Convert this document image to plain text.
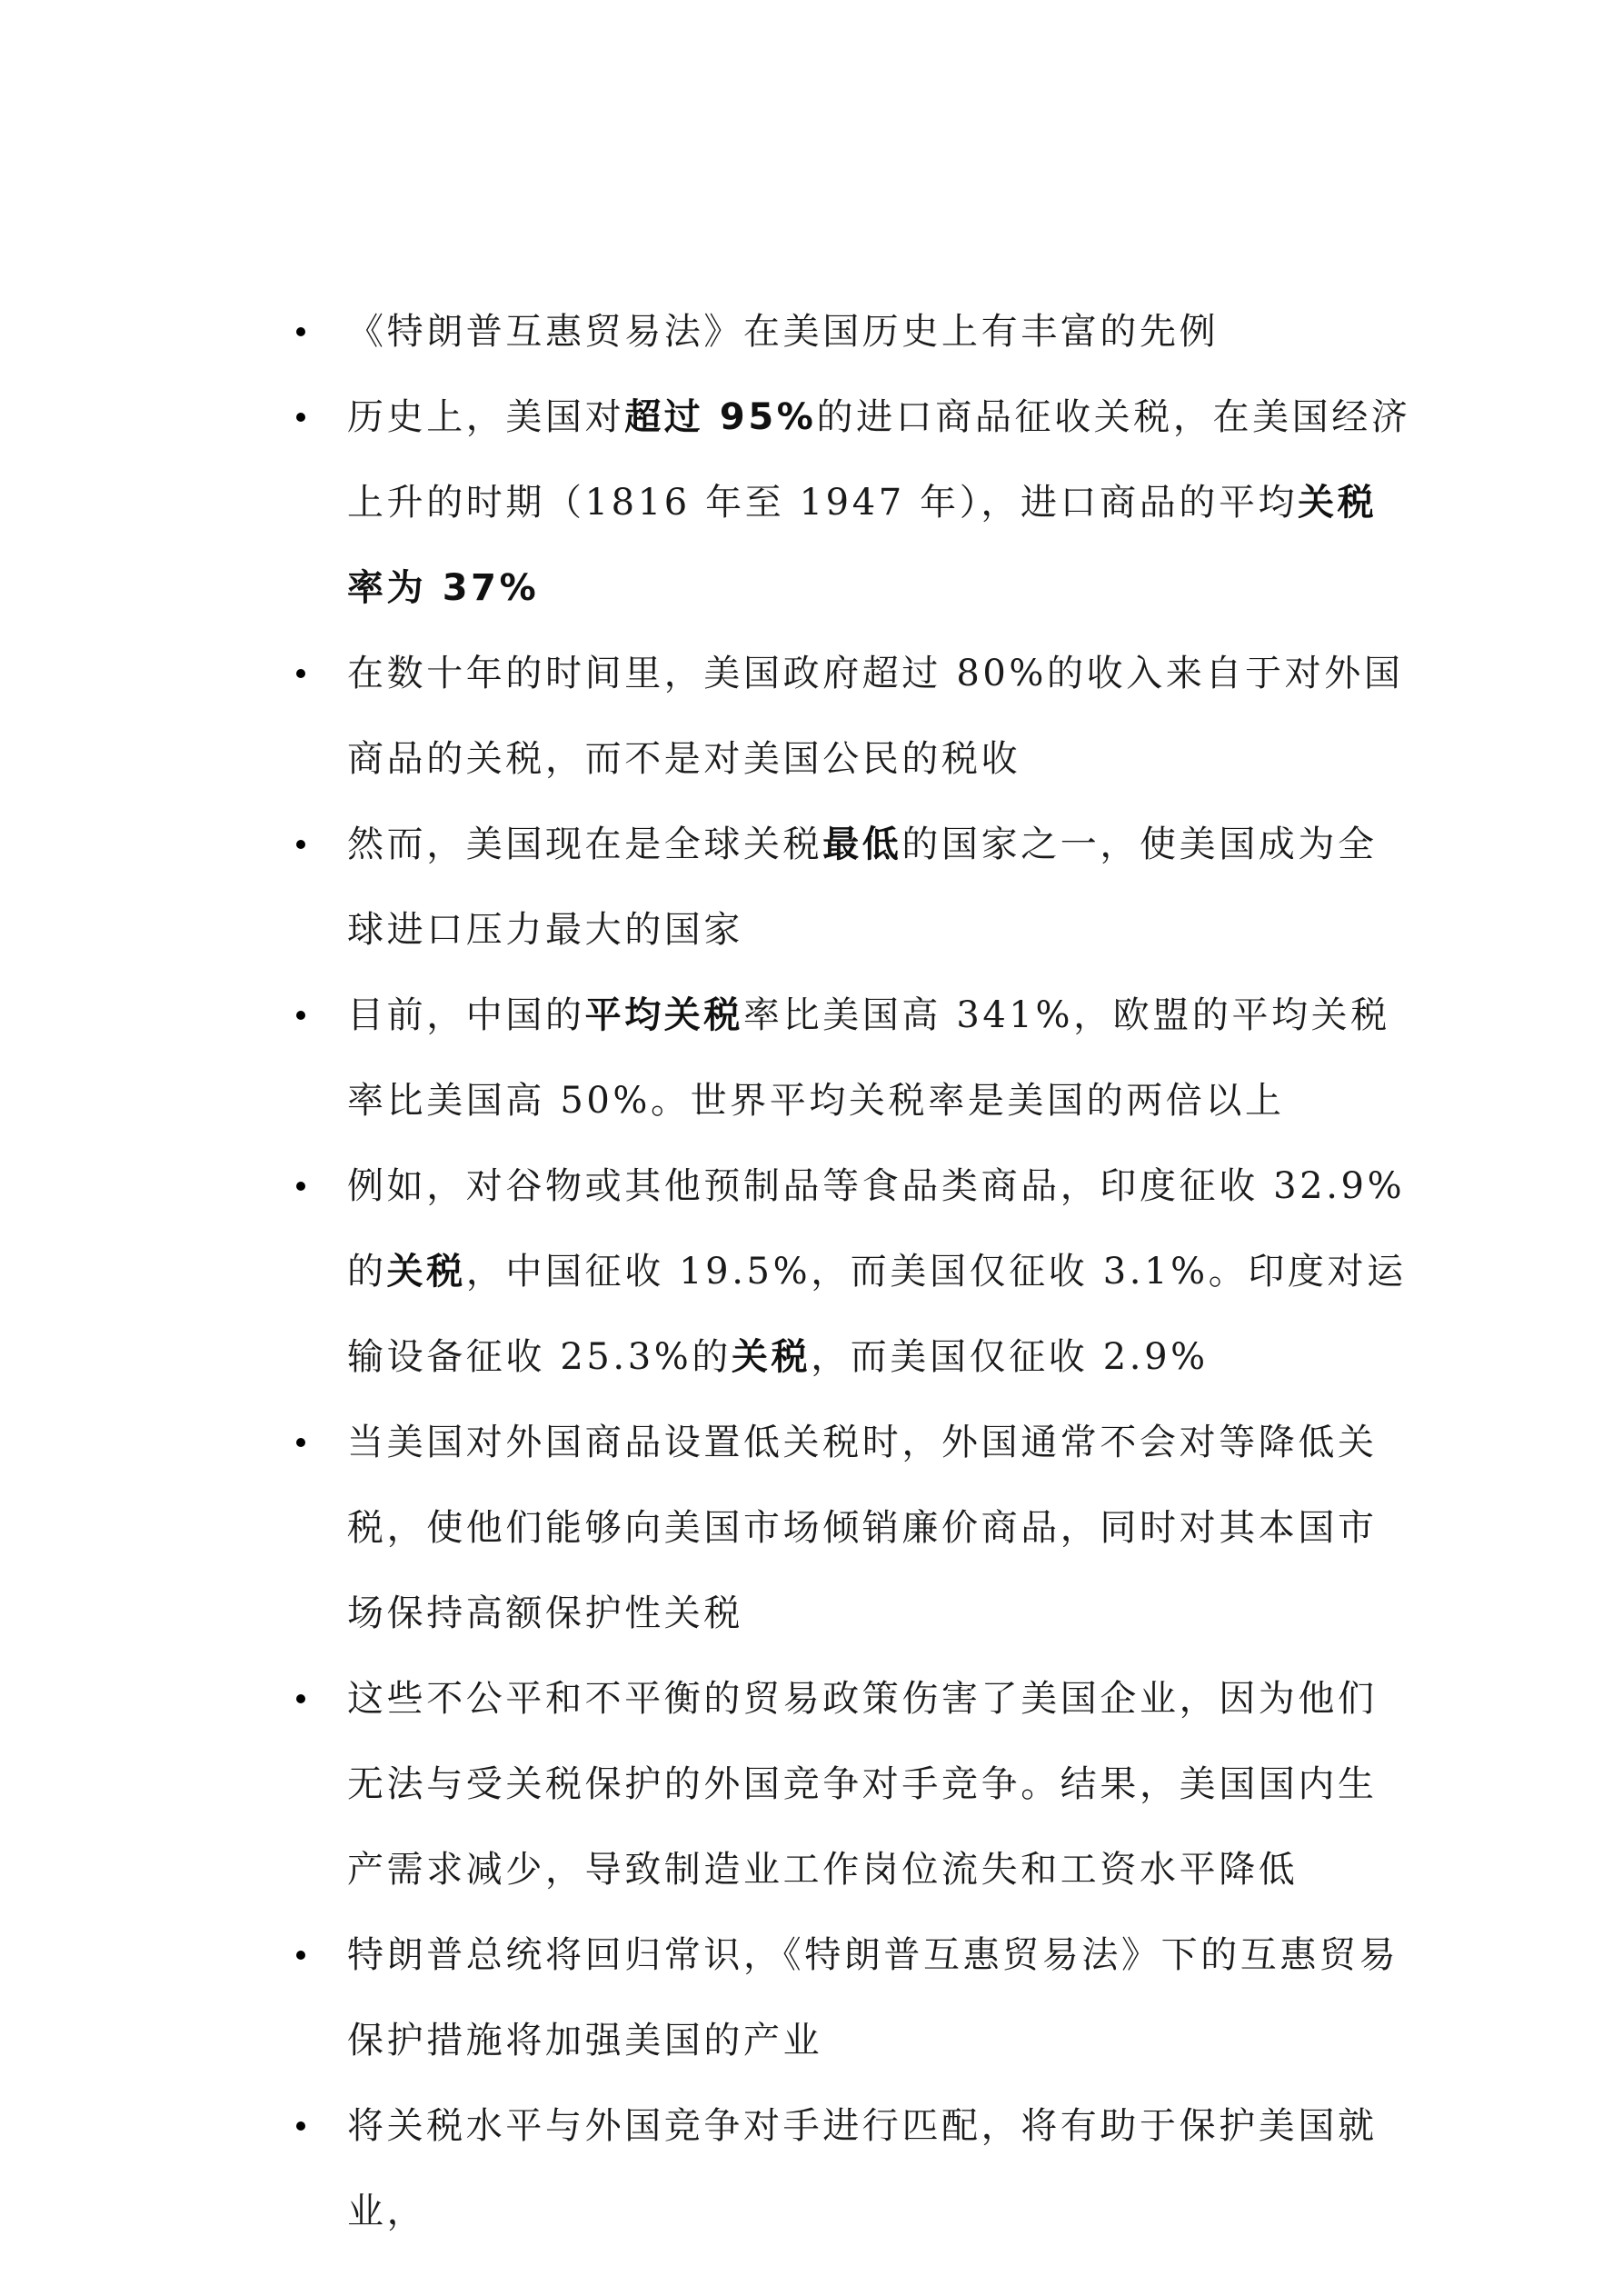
《特朗普互惠贸易法》在美国历史上有丰富的先例
历史上，美国对超过 95%的进口商品征收关税，在美国经济上升的时期（1816 年至 1947 年），进口商品的平均关税率为 37%
在数十年的时间里，美国政府超过 80%的收入来自于对外国商品的关税，而不是对美国公民的税收
然而，美国现在是全球关税最低的国家之一，使美国成为全球进口压力最大的国家
目前，中国的平均关税率比美国高 341%，欧盟的平均关税率比美国高 50%。世界平均关税率是美国的两倍以上
例如，对谷物或其他预制品等食品类商品，印度征收 32.9%的关税，中国征收 19.5%，而美国仅征收 3.1%。印度对运输设备征收 25.3%的关税，而美国仅征收 2.9%
当美国对外国商品设置低关税时，外国通常不会对等降低关税，使他们能够向美国市场倾销廉价商品，同时对其本国市场保持高额保护性关税
这些不公平和不平衡的贸易政策伤害了美国企业，因为他们无法与受关税保护的外国竞争对手竞争。结果，美国国内生产需求减少，导致制造业工作岗位流失和工资水平降低
特朗普总统将回归常识，《特朗普互惠贸易法》下的互惠贸易保护措施将加强美国的产业
将关税水平与外国竞争对手进行匹配，将有助于保护美国就业，
